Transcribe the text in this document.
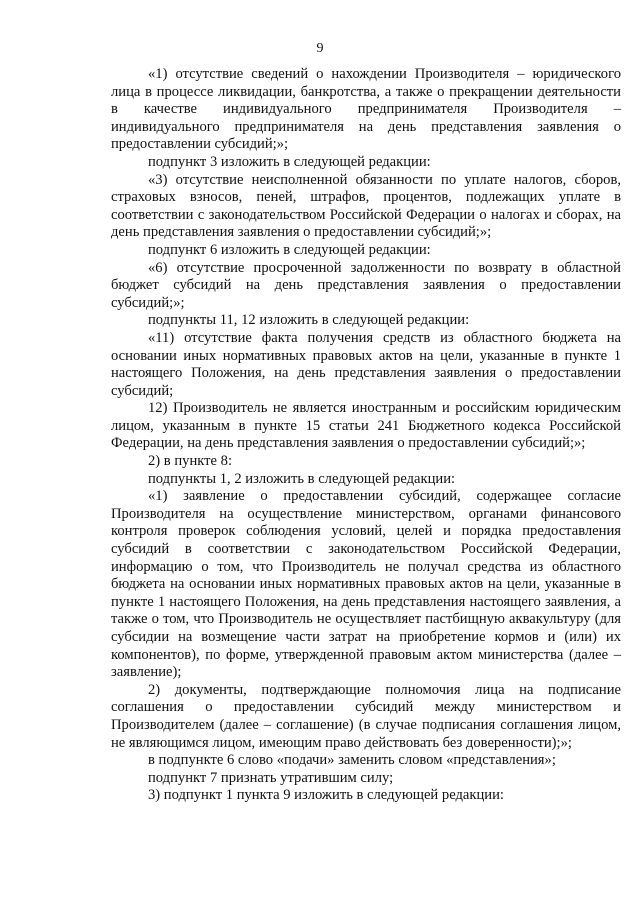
9

«1) отсутствие сведений о нахождении Производителя – юридического лица в процессе ликвидации, банкротства, а также о прекращении деятельности в качестве индивидуального предпринимателя Производителя – индивидуального предпринимателя на день представления заявления о предоставлении субсидий;»;

подпункт 3 изложить в следующей редакции:

«3) отсутствие неисполненной обязанности по уплате налогов, сборов, страховых взносов, пеней, штрафов, процентов, подлежащих уплате в соответствии с законодательством Российской Федерации о налогах и сборах, на день представления заявления о предоставлении субсидий;»;

подпункт 6 изложить в следующей редакции:

«6) отсутствие просроченной задолженности по возврату в областной бюджет субсидий на день представления заявления о предоставлении субсидий;»;

подпункты 11, 12 изложить в следующей редакции:

«11) отсутствие факта получения средств из областного бюджета на основании иных нормативных правовых актов на цели, указанные в пункте 1 настоящего Положения, на день представления заявления о предоставлении субсидий;

12) Производитель не является иностранным и российским юридическим лицом, указанным в пункте 15 статьи 241 Бюджетного кодекса Российской Федерации, на день представления заявления о предоставлении субсидий;»;

2) в пункте 8:

подпункты 1, 2 изложить в следующей редакции:

«1) заявление о предоставлении субсидий, содержащее согласие Производителя на осуществление министерством, органами финансового контроля проверок соблюдения условий, целей и порядка предоставления субсидий в соответствии с законодательством Российской Федерации, информацию о том, что Производитель не получал средства из областного бюджета на основании иных нормативных правовых актов на цели, указанные в пункте 1 настоящего Положения, на день представления настоящего заявления, а также о том, что Производитель не осуществляет пастбищную аквакультуру (для субсидии на возмещение части затрат на приобретение кормов и (или) их компонентов), по форме, утвержденной правовым актом министерства (далее – заявление);

2) документы, подтверждающие полномочия лица на подписание соглашения о предоставлении субсидий между министерством и Производителем (далее – соглашение) (в случае подписания соглашения лицом, не являющимся лицом, имеющим право действовать без доверенности);»;

в подпункте 6 слово «подачи» заменить словом «представления»;

подпункт 7 признать утратившим силу;

3) подпункт 1 пункта 9 изложить в следующей редакции:
